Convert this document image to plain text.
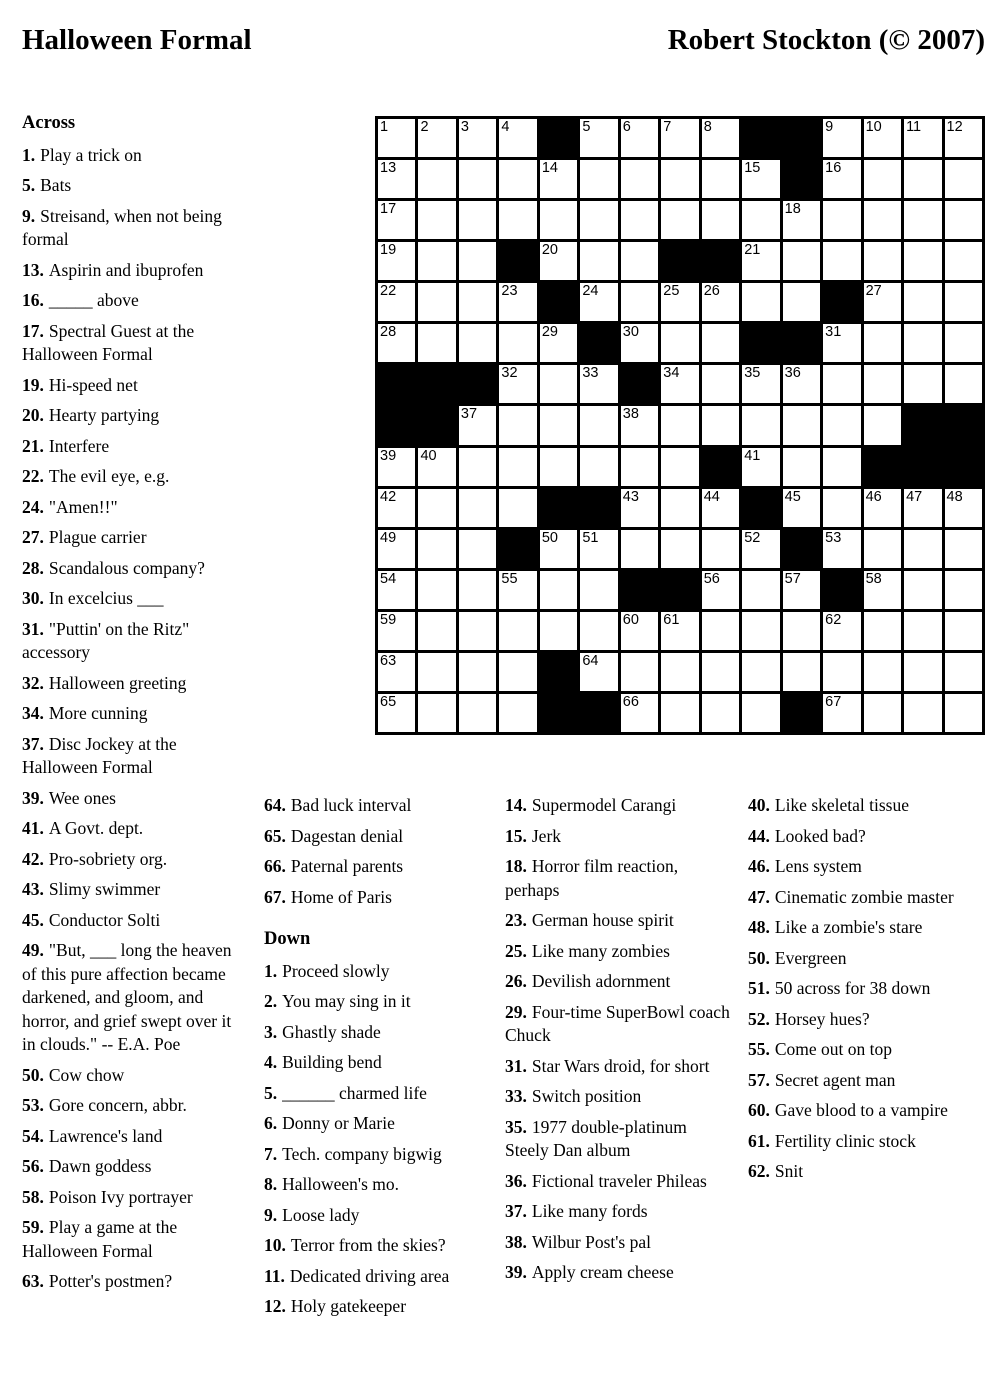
Halloween Formal	Robert Stockton (© 2007)
1 2 3 4	5 6 7 8	9 10 11 12
13	14	15	16
17	18
19	20	21
22	23	24	25 26	27
28	29	30	31
32	33	34	35 36
37	38
39 40	41
42	43	44	45	46 47 48
49	50 51	52	53
54	55	56	57	58
59	60 61	62
63	64
65	66	67
Across

1. Play a trick on

5. Bats

9. Streisand, when not being formal

13. Aspirin and ibuprofen

16. _____ above

17. Spectral Guest at the Halloween Formal

19. Hi-speed net

20. Hearty partying

21. Interfere

22. The evil eye, e.g.

24. "Amen!!"

27. Plague carrier

28. Scandalous company?

30. In excelcius ___

31. "Puttin' on the Ritz" accessory

32. Halloween greeting

34. More cunning

37. Disc Jockey at the Halloween Formal

39. Wee ones

41. A Govt. dept.

42. Pro-sobriety org.

43. Slimy swimmer

45. Conductor Solti

49. "But, ___ long the heaven of this pure affection became darkened, and gloom, and horror, and grief swept over it in clouds." -- E.A. Poe

50. Cow chow

53. Gore concern, abbr.

54. Lawrence's land

56. Dawn goddess

58. Poison Ivy portrayer

59. Play a game at the Halloween Formal

63. Potter's postmen?

64. Bad luck interval

65. Dagestan denial

66. Paternal parents

67. Home of Paris

Down

1. Proceed slowly

2. You may sing in it

3. Ghastly shade

4. Building bend

5. ______ charmed life

6. Donny or Marie

7. Tech. company bigwig

8. Halloween's mo.

9. Loose lady

10. Terror from the skies?

11. Dedicated driving area

12. Holy gatekeeper

14. Supermodel Carangi

15. Jerk

18. Horror film reaction, perhaps

23. German house spirit

25. Like many zombies

26. Devilish adornment

29. Four-time SuperBowl coach Chuck

31. Star Wars droid, for short

33. Switch position

35. 1977 double-platinum Steely Dan album

36. Fictional traveler Phileas

37. Like many fords

38. Wilbur Post's pal

39. Apply cream cheese

40. Like skeletal tissue

44. Looked bad?

46. Lens system

47. Cinematic zombie master

48. Like a zombie's stare

50. Evergreen

51. 50 across for 38 down

52. Horsey hues?

55. Come out on top

57. Secret agent man

60. Gave blood to a vampire

61. Fertility clinic stock

62. Snit
